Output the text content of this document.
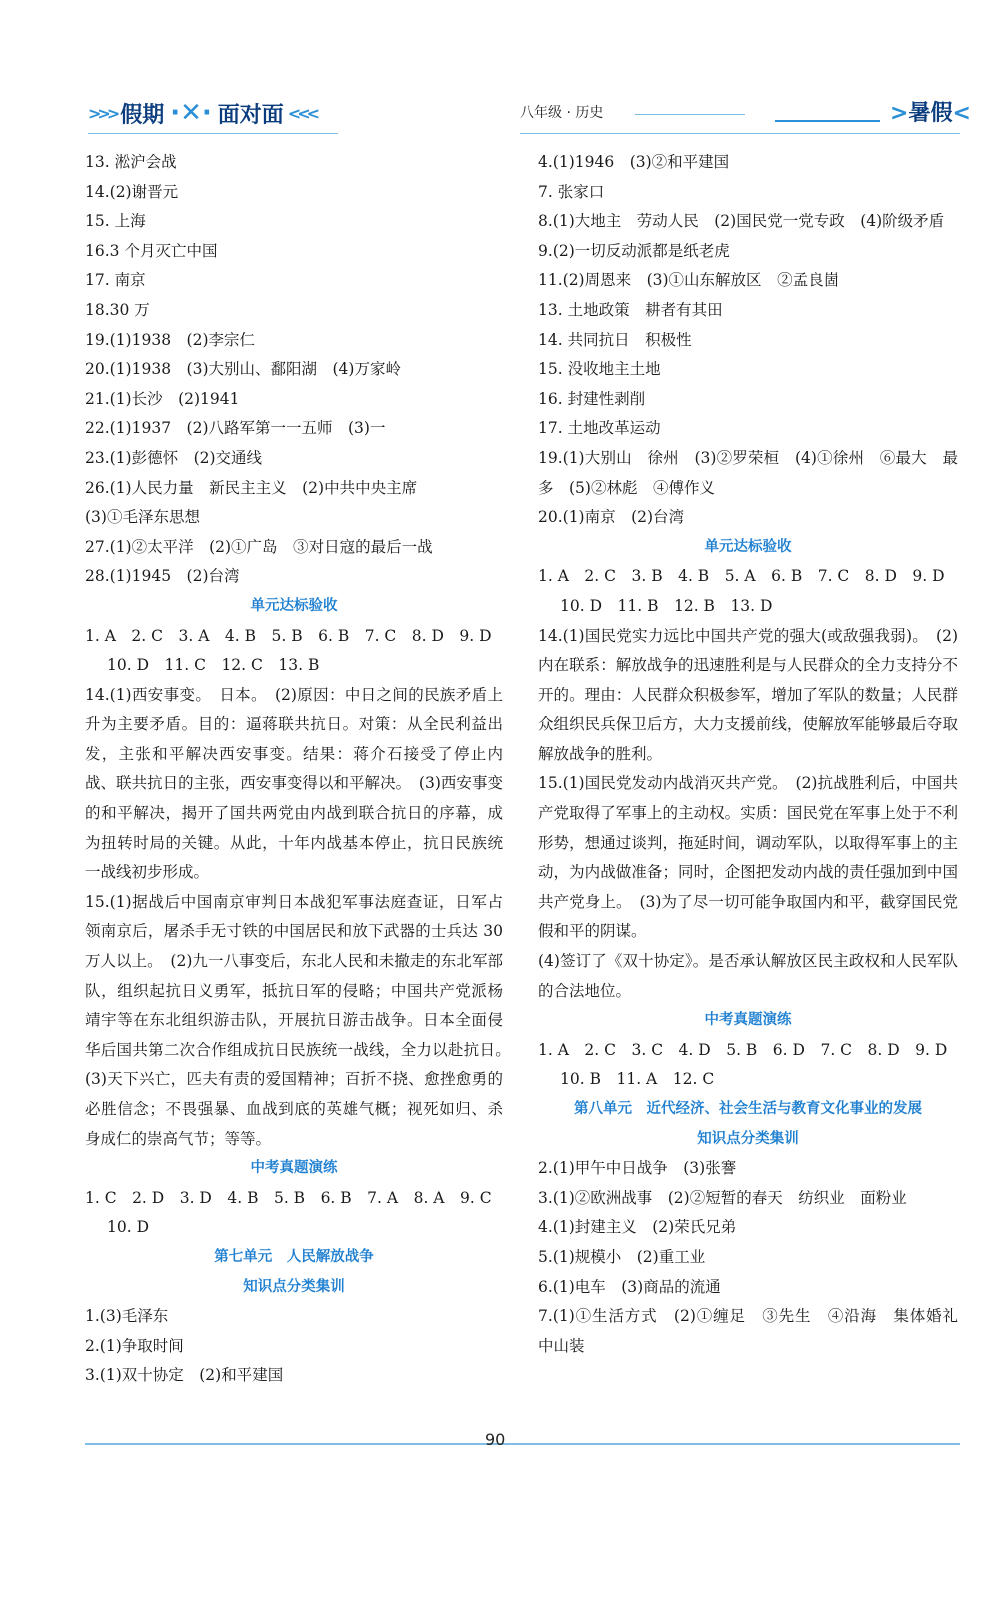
>>> 假期 ·✕· 面对面 <<<	八年级 · 历史	>暑假<
13. 淞沪会战
14.(2)谢晋元
15. 上海
16.3 个月灭亡中国
17. 南京
18.30 万
19.(1)1938　(2)李宗仁
20.(1)1938　(3)大别山、鄱阳湖　(4)万家岭
21.(1)长沙　(2)1941
22.(1)1937　(2)八路军第一一五师　(3)一
23.(1)彭德怀　(2)交通线
26.(1)人民力量　新民主主义　(2)中共中央主席
(3)①毛泽东思想
27.(1)②太平洋　(2)①广岛　③对日寇的最后一战
28.(1)1945　(2)台湾
单元达标验收
1. A　2. C　3. A　4. B　5. B　6. B　7. C　8. D　9. D
10. D　11. C　12. C　13. B
14.(1)西安事变。　日本。　(2)原因：中日之间的民族矛盾上升为主要矛盾。目的：逼蒋联共抗日。对策：从全民利益出发，主张和平解决西安事变。结果：蒋介石接受了停止内战、联共抗日的主张，西安事变得以和平解决。　(3)西安事变的和平解决，揭开了国共两党由内战到联合抗日的序幕，成为扭转时局的关键。从此，十年内战基本停止，抗日民族统一战线初步形成。
15.(1)据战后中国南京审判日本战犯军事法庭查证，日军占领南京后，屠杀手无寸铁的中国居民和放下武器的士兵达 30 万人以上。　(2)九一八事变后，东北人民和未撤走的东北军部队，组织起抗日义勇军，抵抗日军的侵略；中国共产党派杨靖宇等在东北组织游击队，开展抗日游击战争。日本全面侵华后国共第二次合作组成抗日民族统一战线，全力以赴抗日。　(3)天下兴亡，匹夫有责的爱国精神；百折不挠、愈挫愈勇的必胜信念；不畏强暴、血战到底的英雄气概；视死如归、杀身成仁的崇高气节；等等。
中考真题演练
1. C　2. D　3. D　4. B　5. B　6. B　7. A　8. A　9. C
10. D
第七单元　人民解放战争
知识点分类集训
1.(3)毛泽东
2.(1)争取时间
3.(1)双十协定　(2)和平建国
4.(1)1946　(3)②和平建国
7. 张家口
8.(1)大地主　劳动人民　(2)国民党一党专政　(4)阶级矛盾
9.(2)一切反动派都是纸老虎
11.(2)周恩来　(3)①山东解放区　②孟良崮
13. 土地政策　耕者有其田
14. 共同抗日　积极性
15. 没收地主土地
16. 封建性剥削
17. 土地改革运动
19.(1)大别山　徐州　(3)②罗荣桓　(4)①徐州　⑥最大　最多　(5)②林彪　④傅作义
20.(1)南京　(2)台湾
单元达标验收
1. A　2. C　3. B　4. B　5. A　6. B　7. C　8. D　9. D
10. D　11. B　12. B　13. D
14.(1)国民党实力远比中国共产党的强大(或敌强我弱)。　(2)内在联系：解放战争的迅速胜利是与人民群众的全力支持分不开的。理由：人民群众积极参军，增加了军队的数量；人民群众组织民兵保卫后方，大力支援前线，使解放军能够最后夺取解放战争的胜利。
15.(1)国民党发动内战消灭共产党。　(2)抗战胜利后，中国共产党取得了军事上的主动权。实质：国民党在军事上处于不利形势，想通过谈判，拖延时间，调动军队，以取得军事上的主动，为内战做准备；同时，企图把发动内战的责任强加到中国共产党身上。　(3)为了尽一切可能争取国内和平，截穿国民党假和平的阴谋。
(4)签订了《双十协定》。是否承认解放区民主政权和人民军队的合法地位。
中考真题演练
1. A　2. C　3. C　4. D　5. B　6. D　7. C　8. D　9. D
10. B　11. A　12. C
第八单元　近代经济、社会生活与教育文化事业的发展
知识点分类集训
2.(1)甲午中日战争　(3)张謇
3.(1)②欧洲战事　(2)②短暂的春天　纺织业　面粉业
4.(1)封建主义　(2)荣氏兄弟
5.(1)规模小　(2)重工业
6.(1)电车　(3)商品的流通
7.(1)①生活方式　(2)①缠足　③先生　④沿海　集体婚礼　中山装
90
